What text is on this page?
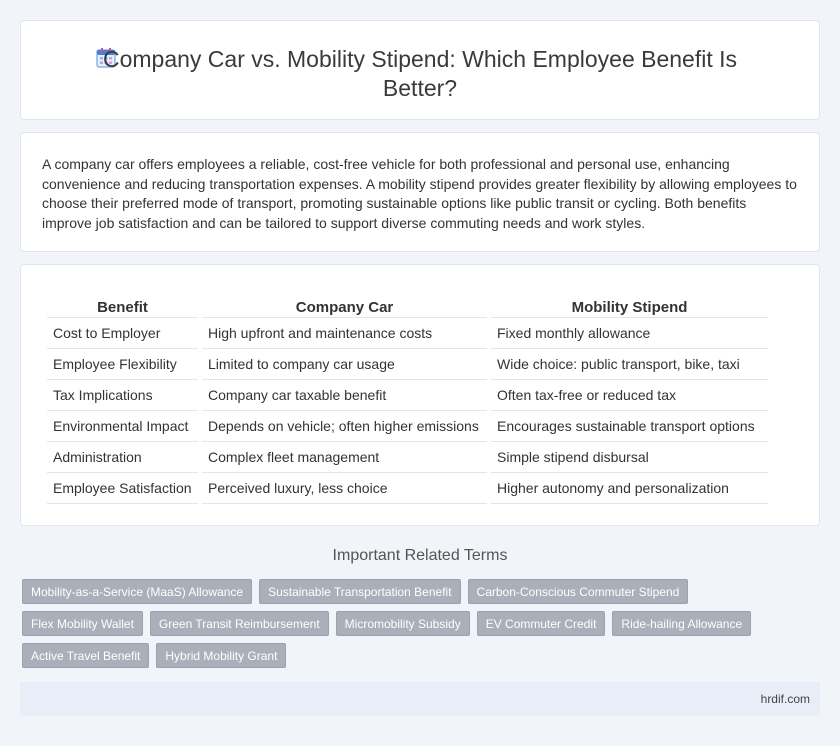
Company Car vs. Mobility Stipend: Which Employee Benefit Is Better?

A company car offers employees a reliable, cost-free vehicle for both professional and personal use, enhancing convenience and reducing transportation expenses. A mobility stipend provides greater flexibility by allowing employees to choose their preferred mode of transport, promoting sustainable options like public transit or cycling. Both benefits improve job satisfaction and can be tailored to support diverse commuting needs and work styles.

Benefit	Company Car	Mobility Stipend
Cost to Employer	High upfront and maintenance costs	Fixed monthly allowance
Employee Flexibility	Limited to company car usage	Wide choice: public transport, bike, taxi
Tax Implications	Company car taxable benefit	Often tax-free or reduced tax
Environmental Impact	Depends on vehicle; often higher emissions	Encourages sustainable transport options
Administration	Complex fleet management	Simple stipend disbursal
Employee Satisfaction	Perceived luxury, less choice	Higher autonomy and personalization
Important Related Terms
Mobility-as-a-Service (MaaS) Allowance	Sustainable Transportation Benefit	Carbon-Conscious Commuter Stipend
Flex Mobility Wallet	Green Transit Reimbursement	Micromobility Subsidy	EV Commuter Credit	Ride-hailing Allowance
Active Travel Benefit	Hybrid Mobility Grant
hrdif.com
